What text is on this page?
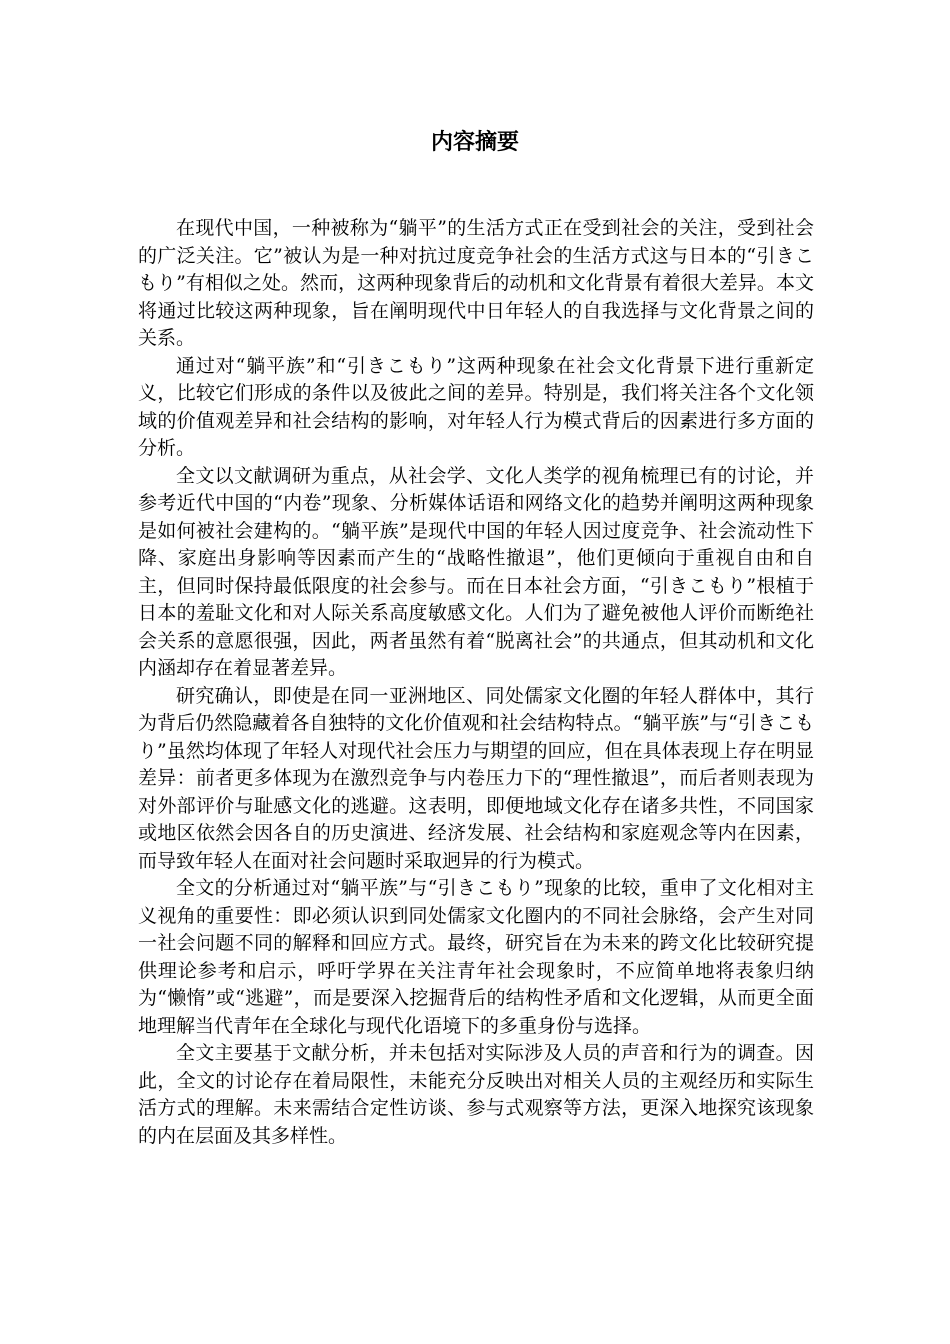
内容摘要

在现代中国，一种被称为“躺平”的生活方式正在受到社会的关注，受到社会的广泛关注。它”被认为是一种对抗过度竞争社会的生活方式这与日本的“引きこもり”有相似之处。然而，这两种现象背后的动机和文化背景有着很大差异。本文将通过比较这两种现象，旨在阐明现代中日年轻人的自我选择与文化背景之间的关系。

通过对“躺平族”和“引きこもり”这两种现象在社会文化背景下进行重新定义，比较它们形成的条件以及彼此之间的差异。特别是，我们将关注各个文化领域的价值观差异和社会结构的影响，对年轻人行为模式背后的因素进行多方面的分析。

全文以文献调研为重点，从社会学、文化人类学的视角梳理已有的讨论，并参考近代中国的“内卷”现象、分析媒体话语和网络文化的趋势并阐明这两种现象是如何被社会建构的。“躺平族”是现代中国的年轻人因过度竞争、社会流动性下降、家庭出身影响等因素而产生的“战略性撤退”，他们更倾向于重视自由和自主，但同时保持最低限度的社会参与。而在日本社会方面，“引きこもり”根植于日本的羞耻文化和对人际关系高度敏感文化。人们为了避免被他人评价而断绝社会关系的意愿很强，因此，两者虽然有着“脱离社会”的共通点，但其动机和文化内涵却存在着显著差异。

研究确认，即使是在同一亚洲地区、同处儒家文化圈的年轻人群体中，其行为背后仍然隐藏着各自独特的文化价值观和社会结构特点。“躺平族”与“引きこもり”虽然均体现了年轻人对现代社会压力与期望的回应，但在具体表现上存在明显差异：前者更多体现为在激烈竞争与内卷压力下的“理性撤退”，而后者则表现为对外部评价与耻感文化的逃避。这表明，即便地域文化存在诸多共性，不同国家或地区依然会因各自的历史演进、经济发展、社会结构和家庭观念等内在因素，而导致年轻人在面对社会问题时采取迥异的行为模式。

全文的分析通过对“躺平族”与“引きこもり”现象的比较，重申了文化相对主义视角的重要性：即必须认识到同处儒家文化圈内的不同社会脉络，会产生对同一社会问题不同的解释和回应方式。最终，研究旨在为未来的跨文化比较研究提供理论参考和启示，呼吁学界在关注青年社会现象时，不应简单地将表象归纳为“懒惰”或“逃避”，而是要深入挖掘背后的结构性矛盾和文化逻辑，从而更全面地理解当代青年在全球化与现代化语境下的多重身份与选择。

全文主要基于文献分析，并未包括对实际涉及人员的声音和行为的调查。因此，全文的讨论存在着局限性，未能充分反映出对相关人员的主观经历和实际生活方式的理解。未来需结合定性访谈、参与式观察等方法，更深入地探究该现象的内在层面及其多样性。
